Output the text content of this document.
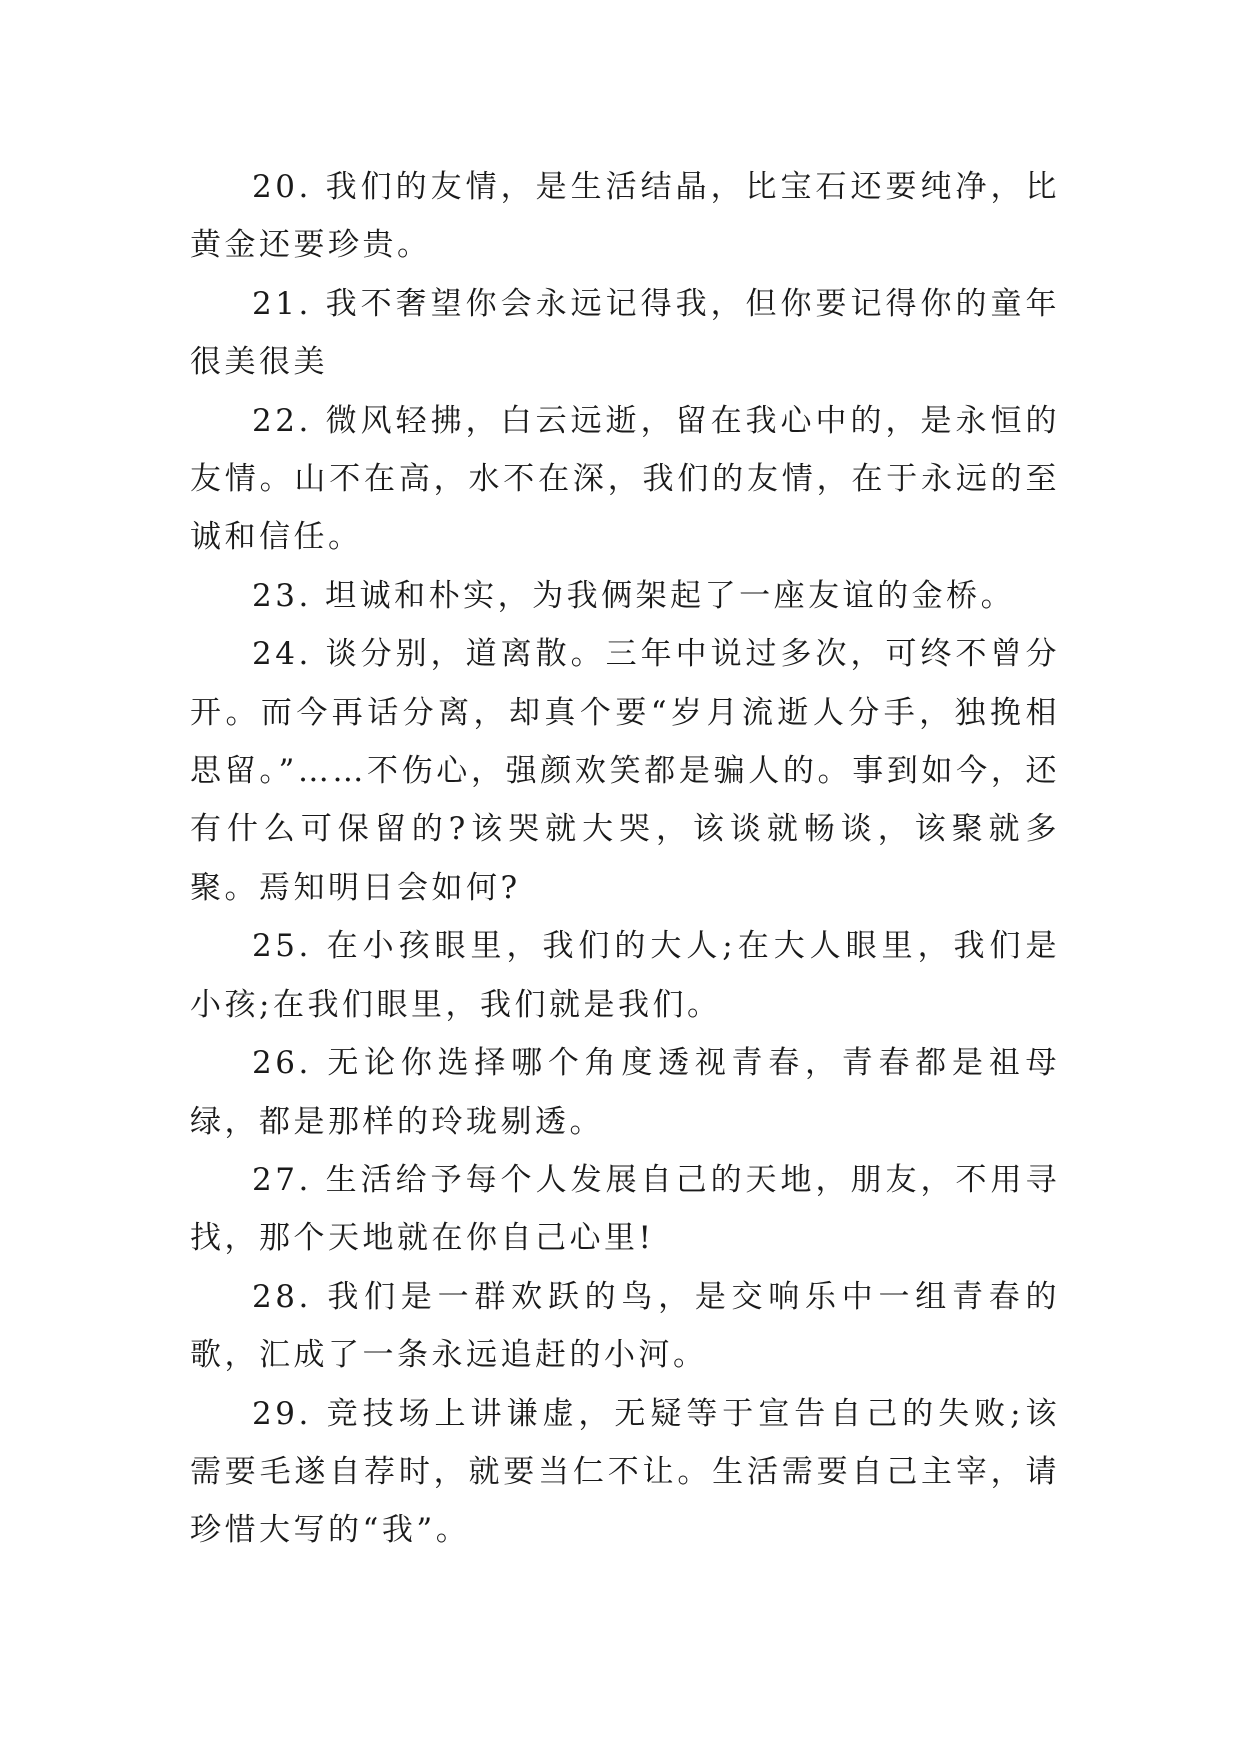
20. 我们的友情，是生活结晶，比宝石还要纯净，比黄金还要珍贵。

21. 我不奢望你会永远记得我，但你要记得你的童年很美很美

22. 微风轻拂，白云远逝，留在我心中的，是永恒的友情。山不在高，水不在深，我们的友情，在于永远的至诚和信任。

23. 坦诚和朴实，为我俩架起了一座友谊的金桥。

24. 谈分别，道离散。三年中说过多次，可终不曾分开。而今再话分离，却真个要“岁月流逝人分手，独挽相思留。”……不伤心，强颜欢笑都是骗人的。事到如今，还有什么可保留的?该哭就大哭，该谈就畅谈，该聚就多聚。焉知明日会如何?

25. 在小孩眼里，我们的大人;在大人眼里，我们是小孩;在我们眼里，我们就是我们。

26. 无论你选择哪个角度透视青春，青春都是祖母绿，都是那样的玲珑剔透。

27. 生活给予每个人发展自己的天地，朋友，不用寻找，那个天地就在你自己心里!

28. 我们是一群欢跃的鸟，是交响乐中一组青春的歌，汇成了一条永远追赶的小河。

29. 竞技场上讲谦虚，无疑等于宣告自己的失败;该需要毛遂自荐时，就要当仁不让。生活需要自己主宰，请珍惜大写的“我”。
